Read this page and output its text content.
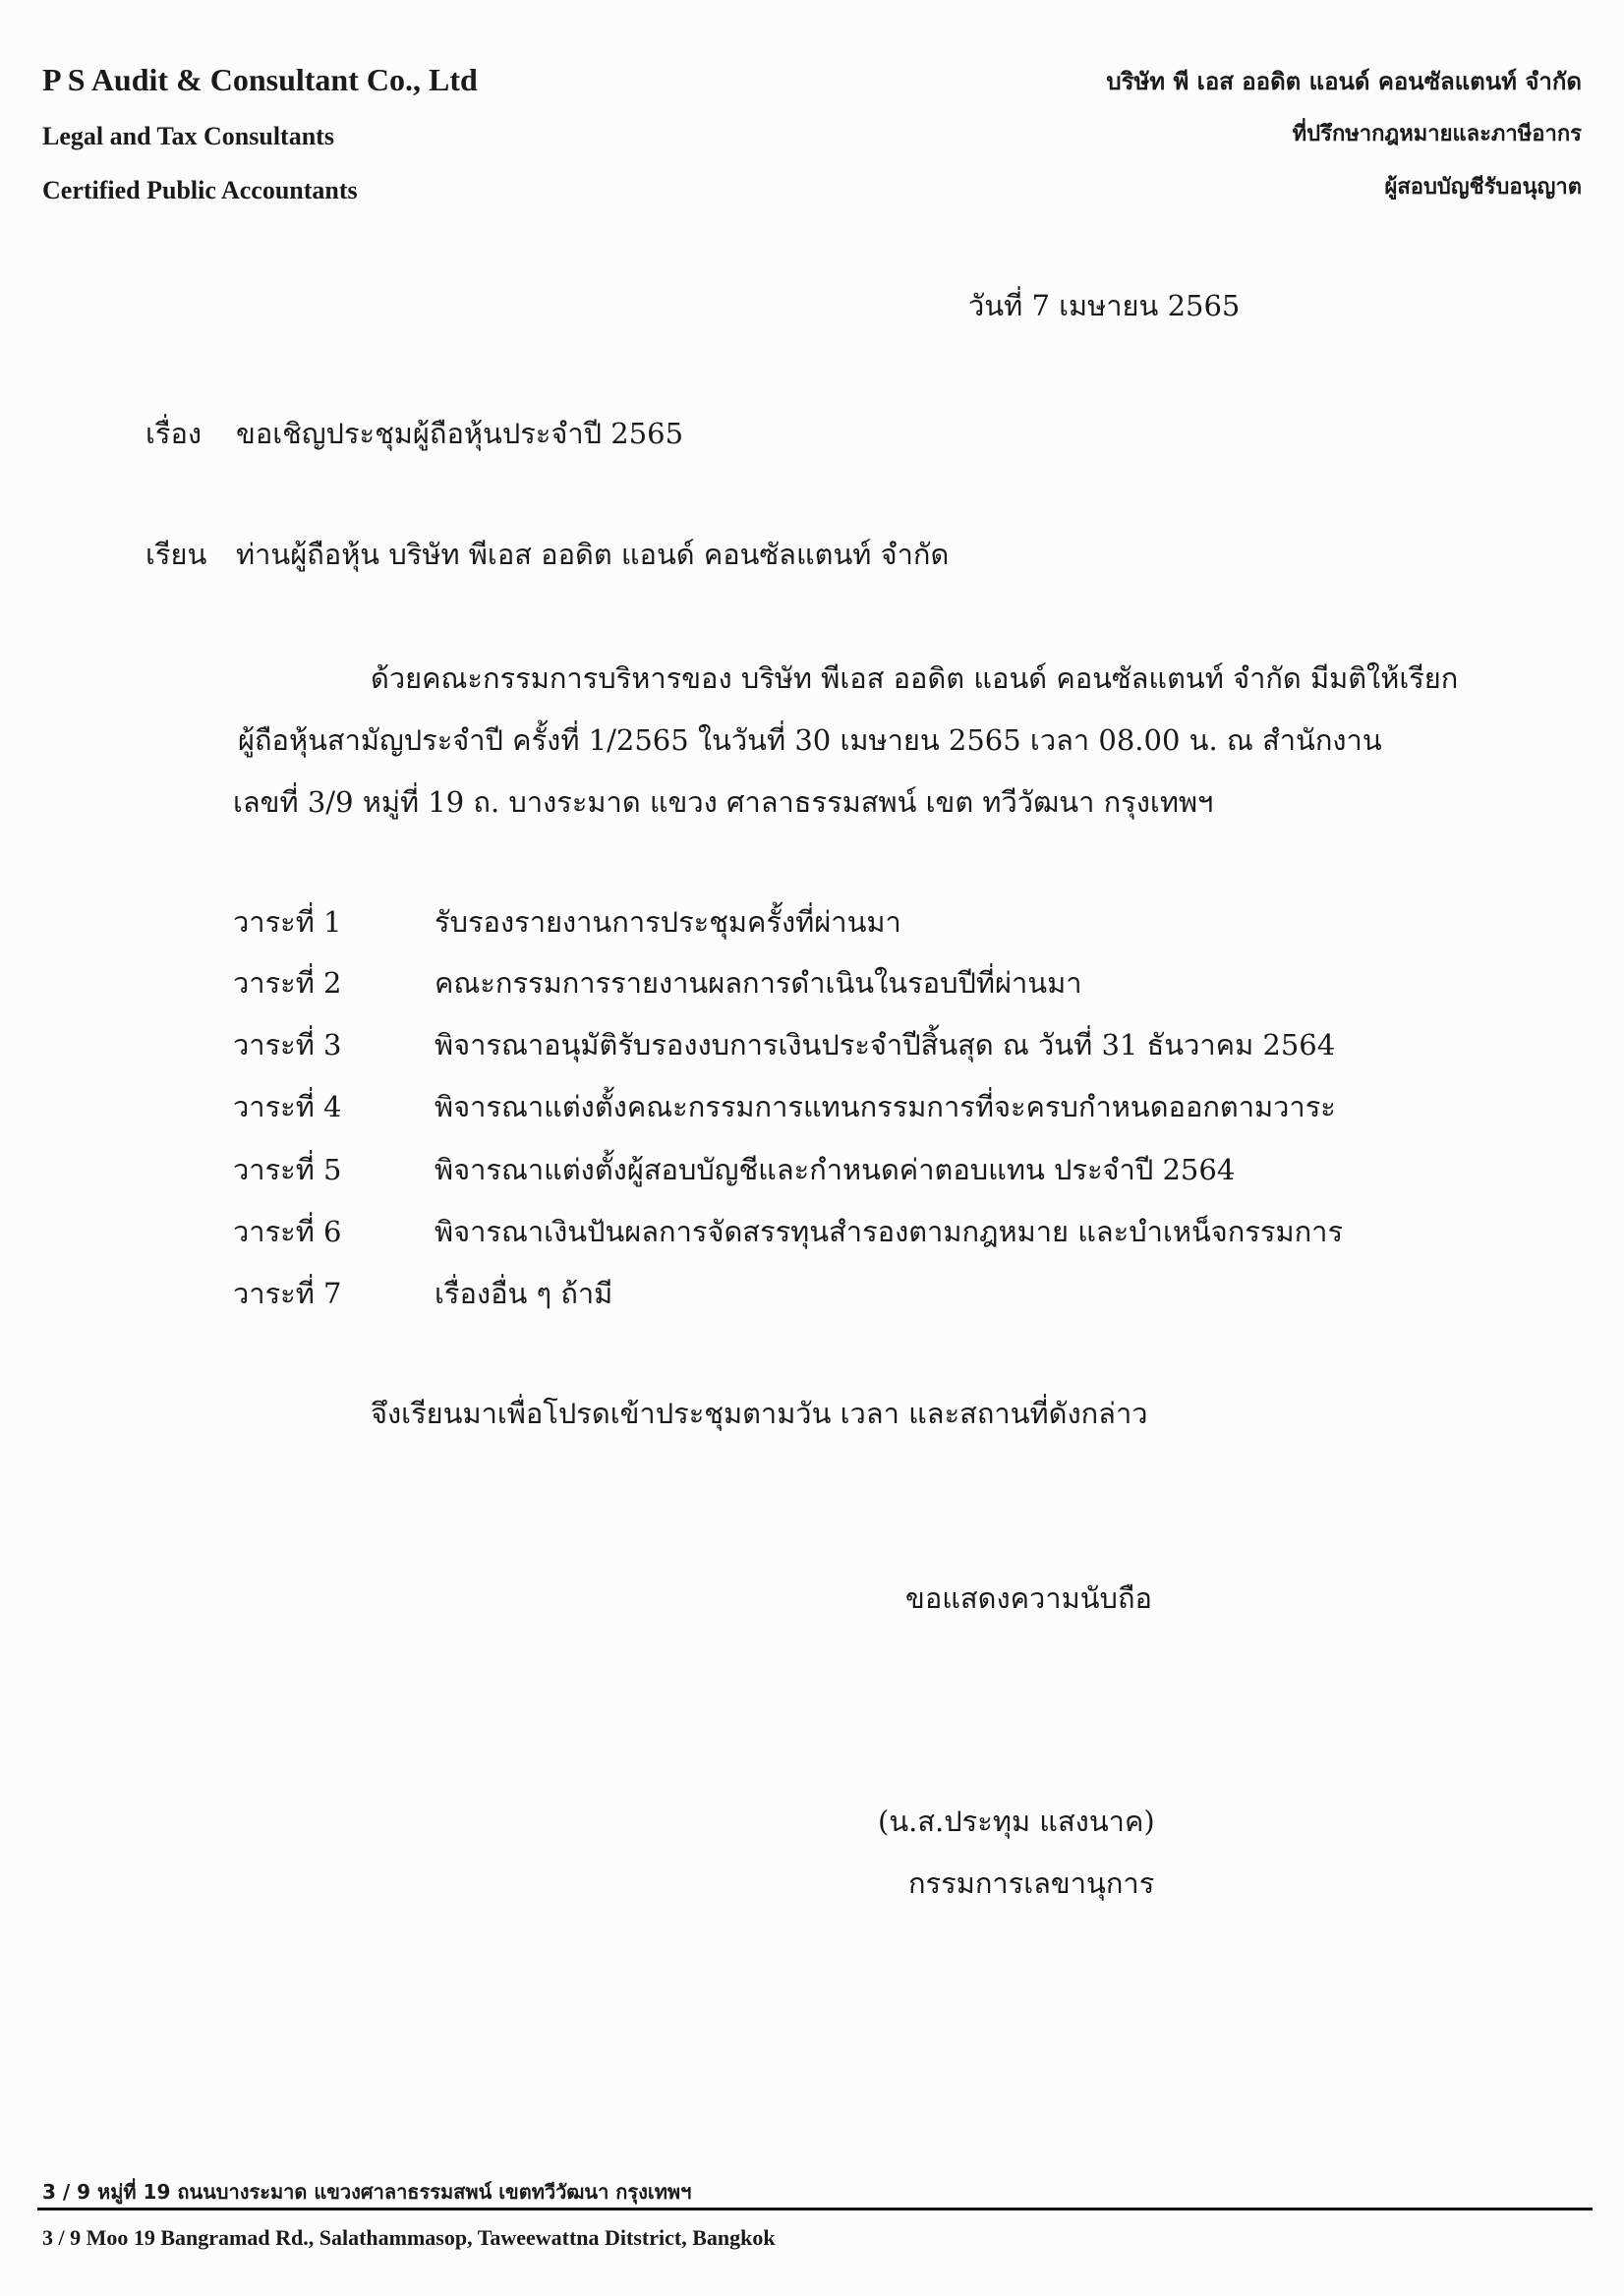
P S Audit & Consultant Co., Ltd
Legal and Tax Consultants
Certified Public Accountants
บริษัท พี เอส ออดิต แอนด์ คอนซัลแตนท์ จำกัด
ที่ปรึกษากฎหมายและภาษีอากร
ผู้สอบบัญชีรับอนุญาต
วันที่ 7 เมษายน 2565
เรื่อง ขอเชิญประชุมผู้ถือหุ้นประจำปี 2565
เรียน ท่านผู้ถือหุ้น บริษัท พีเอส ออดิต แอนด์ คอนซัลแตนท์ จำกัด
ด้วยคณะกรรมการบริหารของ บริษัท พีเอส ออดิต แอนด์ คอนซัลแตนท์ จำกัด มีมติให้เรียก
ผู้ถือหุ้นสามัญประจำปี ครั้งที่ 1/2565 ในวันที่ 30 เมษายน 2565 เวลา 08.00 น. ณ สำนักงาน
เลขที่ 3/9 หมู่ที่ 19 ถ. บางระมาด แขวง ศาลาธรรมสพน์ เขต ทวีวัฒนา กรุงเทพฯ
วาระที่ 1	รับรองรายงานการประชุมครั้งที่ผ่านมา
วาระที่ 2	คณะกรรมการรายงานผลการดำเนินในรอบปีที่ผ่านมา
วาระที่ 3	พิจารณาอนุมัติรับรองงบการเงินประจำปีสิ้นสุด ณ วันที่ 31 ธันวาคม 2564
วาระที่ 4	พิจารณาแต่งตั้งคณะกรรมการแทนกรรมการที่จะครบกำหนดออกตามวาระ
วาระที่ 5	พิจารณาแต่งตั้งผู้สอบบัญชีและกำหนดค่าตอบแทน ประจำปี 2564
วาระที่ 6	พิจารณาเงินปันผลการจัดสรรทุนสำรองตามกฎหมาย และบำเหน็จกรรมการ
วาระที่ 7	เรื่องอื่น ๆ ถ้ามี
จึงเรียนมาเพื่อโปรดเข้าประชุมตามวัน เวลา และสถานที่ดังกล่าว
ขอแสดงความนับถือ
(น.ส.ประทุม แสงนาค)
กรรมการเลขานุการ
3 / 9 หมู่ที่ 19 ถนนบางระมาด แขวงศาลาธรรมสพน์ เขตทวีวัฒนา กรุงเทพฯ
3 / 9 Moo 19 Bangramad Rd., Salathammasop, Taweewattna Ditstrict, Bangkok
